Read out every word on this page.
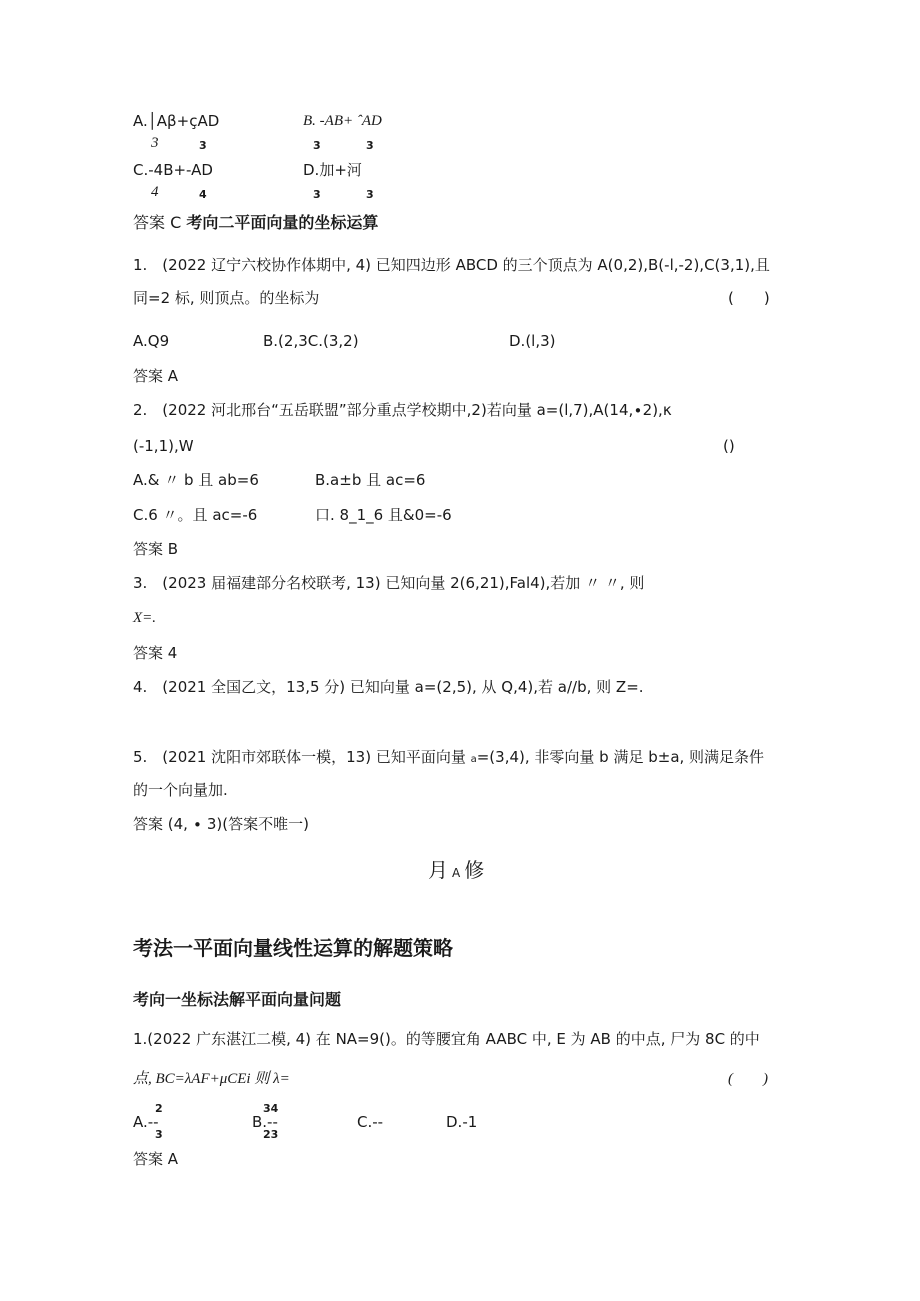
A.│Aβ+çAD
3	3
B. -AB+ ˆAD
3	3
C.-4B+-AD
4	4
D.加+河
3	3
答案 C 考向二平面向量的坐标运算
1.　(2022 辽宁六校协作体期中, 4) 已知四边形 ABCD 的三个顶点为 A(0,2),B(-l,-2),C(3,1),且
同=2 标, 则顶点。的坐标为	(　　)
A.Q9	B.(2,3C.(3,2)	D.(l,3)
答案 A
2.　(2022 河北邢台“五岳联盟”部分重点学校期中,2)若向量 a=(l,7),A(14,∙2),κ
(-1,1),W	()
A.& 〃 b 且 ab=6	B.a±b 且 ac=6
C.6 〃。且 ac=-6	口. 8_1_6 且&0=-6
答案 B
3.　(2023 届福建部分名校联考, 13) 已知向量 2(6,21),Fal4),若加 〃 〃, 则
X=.
答案 4
4.　(2021 全国乙文，13,5 分) 已知向量 a=(2,5), 从 Q,4),若 a//b, 则 Z=.
5.　(2021 沈阳市郊联体一模，13) 已知平面向量 a=(3,4), 非零向量 b 满足 b±a, 则满足条件
的一个向量加.
答案 (4, ∙ 3)(答案不唯一)
月 A 修
考法一平面向量线性运算的解题策略
考向一坐标法解平面向量问题
1.(2022 广东湛江二模, 4) 在 NA=9()。的等腰宜角 AABC 中, E 为 AB 的中点, 尸为 8C 的中
点, BC=λAF+μCEi 则 λ=	(　　)
A.--
2
3
B.--
34
23
C.--	D.-1
答案 A
